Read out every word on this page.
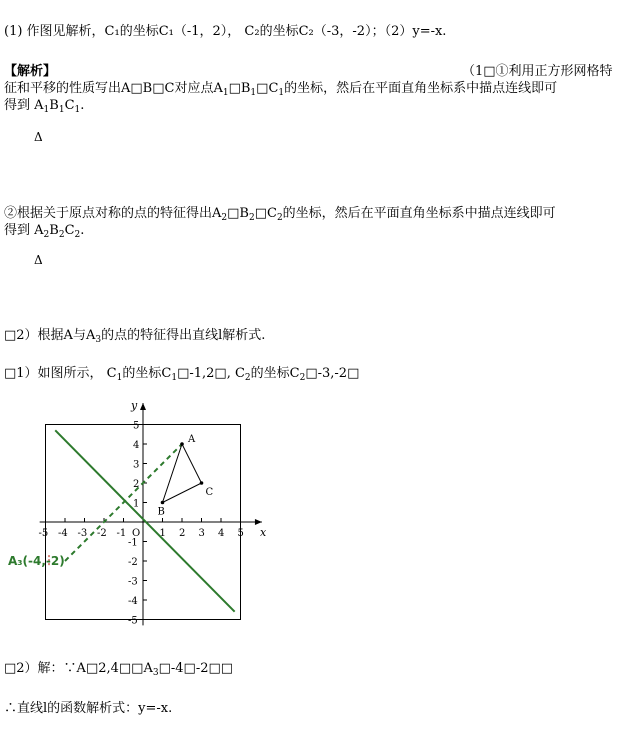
(1) 作图见解析，C₁的坐标C₁（-1，2）， C₂的坐标C₂（-3，-2）；（2）y=-x.
【解析】	（1□①利用正方形网格特
征和平移的性质写出A□B□C对应点$A_1□B_1□C_1$的坐标，然后在平面直角坐标系中描点连线即可
得到 $A_1B_1C_1$.
Δ
②根据关于原点对称的点的特征得出$A_2□B_2□C_2$的坐标，然后在平面直角坐标系中描点连线即可
得到 $A_2B_2C_2$.
Δ
□2）根据A与$A_3$的点的特征得出直线l解析式.
□1）如图所示， $C_1$的坐标$C_1□-1,2□$, $C_2$的坐标$C_2□-3,-2□$
-5 -4 -3 -2 -1	1 2 3 4 5
5
4
3
2
1
-1
-2
-3
-4
-5
x
y
O
A
B
C
A₃(-4,-2)
□2）解：$\because A□2,4□□A_3□-4□-2□□$
∴直线l的函数解析式：y=-x.
